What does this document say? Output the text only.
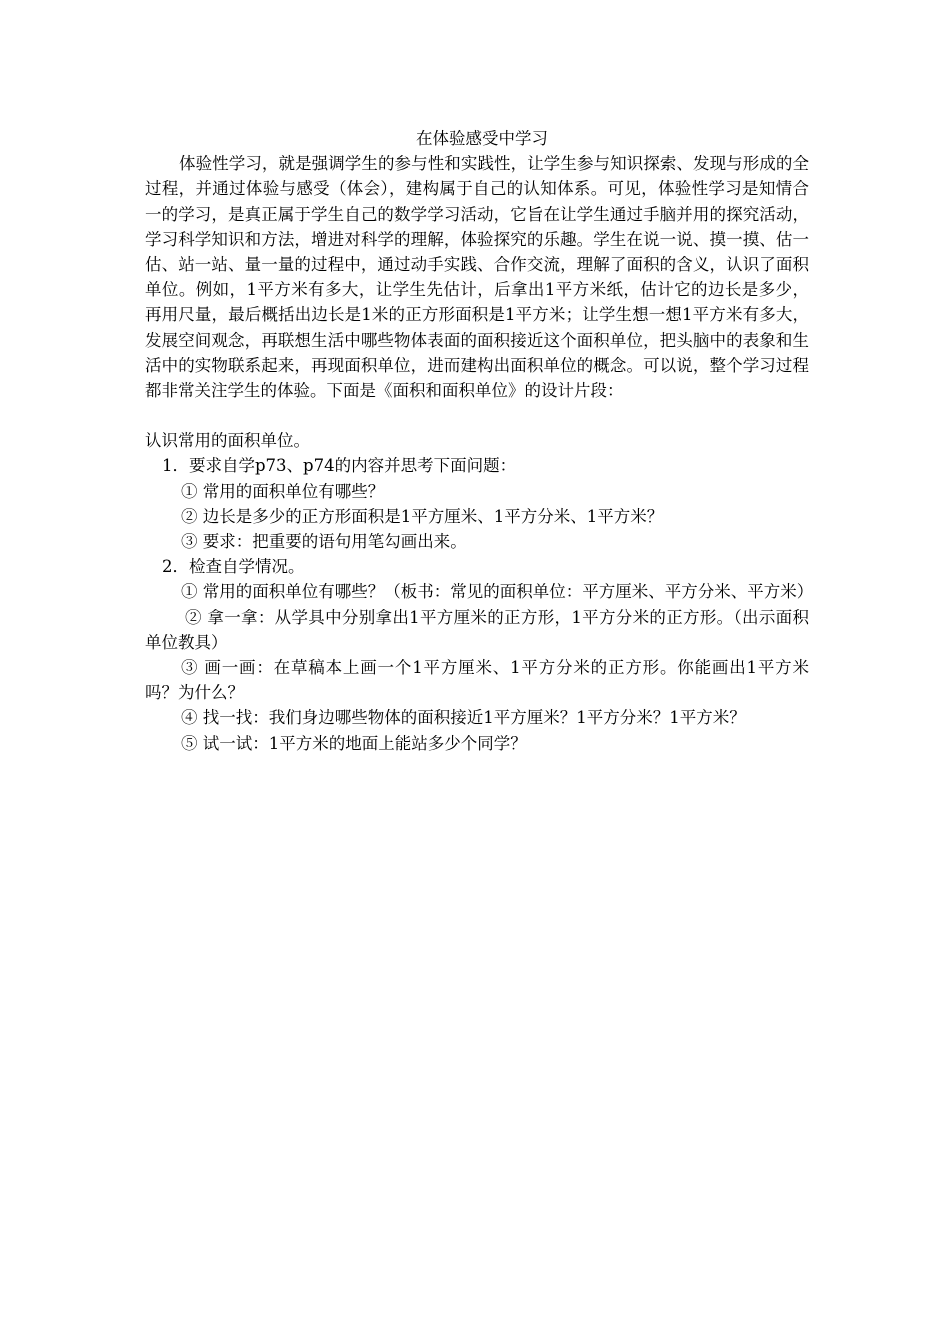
在体验感受中学习

体验性学习，就是强调学生的参与性和实践性，让学生参与知识探索、发现与形成的全过程，并通过体验与感受（体会），建构属于自己的认知体系。可见，体验性学习是知情合一的学习，是真正属于学生自己的数学学习活动，它旨在让学生通过手脑并用的探究活动，学习科学知识和方法，增进对科学的理解，体验探究的乐趣。学生在说一说、摸一摸、估一估、站一站、量一量的过程中，通过动手实践、合作交流，理解了面积的含义，认识了面积单位。例如，1平方米有多大，让学生先估计，后拿出1平方米纸，估计它的边长是多少，再用尺量，最后概括出边长是1米的正方形面积是1平方米；让学生想一想1平方米有多大，发展空间观念，再联想生活中哪些物体表面的面积接近这个面积单位，把头脑中的表象和生活中的实物联系起来，再现面积单位，进而建构出面积单位的概念。可以说，整个学习过程都非常关注学生的体验。下面是《面积和面积单位》的设计片段：

认识常用的面积单位。

1．要求自学p73、p74的内容并思考下面问题：

① 常用的面积单位有哪些？

② 边长是多少的正方形面积是1平方厘米、1平方分米、1平方米？

③ 要求：把重要的语句用笔勾画出来。

2．检查自学情况。

① 常用的面积单位有哪些？（板书：常见的面积单位：平方厘米、平方分米、平方米）

② 拿一拿：从学具中分别拿出1平方厘米的正方形，1平方分米的正方形。（出示面积单位教具）

③ 画一画：在草稿本上画一个1平方厘米、1平方分米的正方形。你能画出1平方米吗？为什么？

④ 找一找：我们身边哪些物体的面积接近1平方厘米？1平方分米？1平方米？

⑤ 试一试：1平方米的地面上能站多少个同学？
